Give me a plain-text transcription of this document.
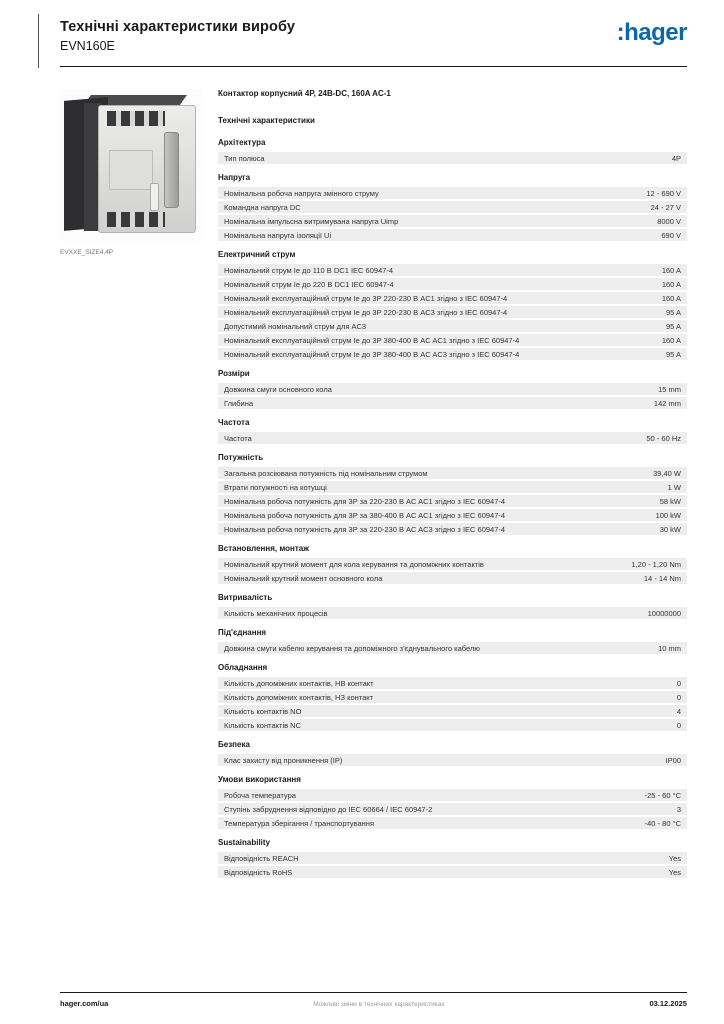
Технічні характеристики виробу
EVN160E	:hager
EVXXE_SIZE4,4P
Контактор корпусний 4P, 24В-DC, 160A AC-1
Технічні характеристики
Архітектура
Тип полюса	4P
Напруга
Номінальна робоча напруга змінного струму	12 - 690 V
Командна напруга DC	24 - 27 V
Номінальна імпульсна витримувана напруга Uimp	8000 V
Номінальна напруга ізоляції Ui	690 V
Електричний струм
Номінальний струм Ie до 110 В DC1 IEC 60947-4	160 A
Номінальний струм Ie до 220 В DC1 IEC 60947-4	160 A
Номінальний експлуатаційний струм Ie до 3P 220-230 В AC1 згідно з IEC 60947-4	160 A
Номінальний експлуатаційний струм Ie до 3P 220-230 В AC3 згідно з IEC 60947-4	95 A
Допустимий номінальний струм для AC3	95 A
Номінальний експлуатаційний струм Ie до 3P 380-400 В AC AC1 згідно з IEC 60947-4	160 A
Номінальний експлуатаційний струм Ie до 3P 380-400 В AC AC3 згідно з IEC 60947-4	95 A
Розміри
Довжина смуги основного кола	15 mm
Глибина	142 mm
Частота
Частота	50 - 60 Hz
Потужність
Загальна розсіювана потужність під номінальним струмом	39,40 W
Втрати потужності на котушці	1 W
Номінальна робоча потужність для 3P за 220-230 В AC AC1 згідно з IEC 60947-4	58 kW
Номінальна робоча потужність для 3P за 380-400 В AC AC1 згідно з IEC 60947-4	100 kW
Номінальна робоча потужність для 3P за 220-230 В AC AC3 згідно з IEC 60947-4	30 kW
Встановлення, монтаж
Номінальний крутний момент для кола керування та допоміжних контактів	1,20 - 1,20 Nm
Номінальний крутний момент основного кола	14 - 14 Nm
Витривалість
Кількість механічних процесів	10000000
Під'єднання
Довжина смуги кабелю керування та допоміжного з'єднувального кабелю	10 mm
Обладнання
Кількість допоміжних контактів, НВ контакт	0
Кількість допоміжних контактів, НЗ контакт	0
Кількість контактів NO	4
Кількість контактів NC	0
Безпека
Клас захисту від проникнення (IP)	IP00
Умови використання
Робоча температура	-25 - 60 °C
Ступінь забруднення відповідно до IEC 60664 / IEC 60947-2	3
Температура зберігання / транспортування	-40 - 80 °C
Sustainability
Відповідність REACH	Yes
Відповідність RoHS	Yes
hager.com/ua	Можливі зміни в технічних характеристиках	03.12.2025
